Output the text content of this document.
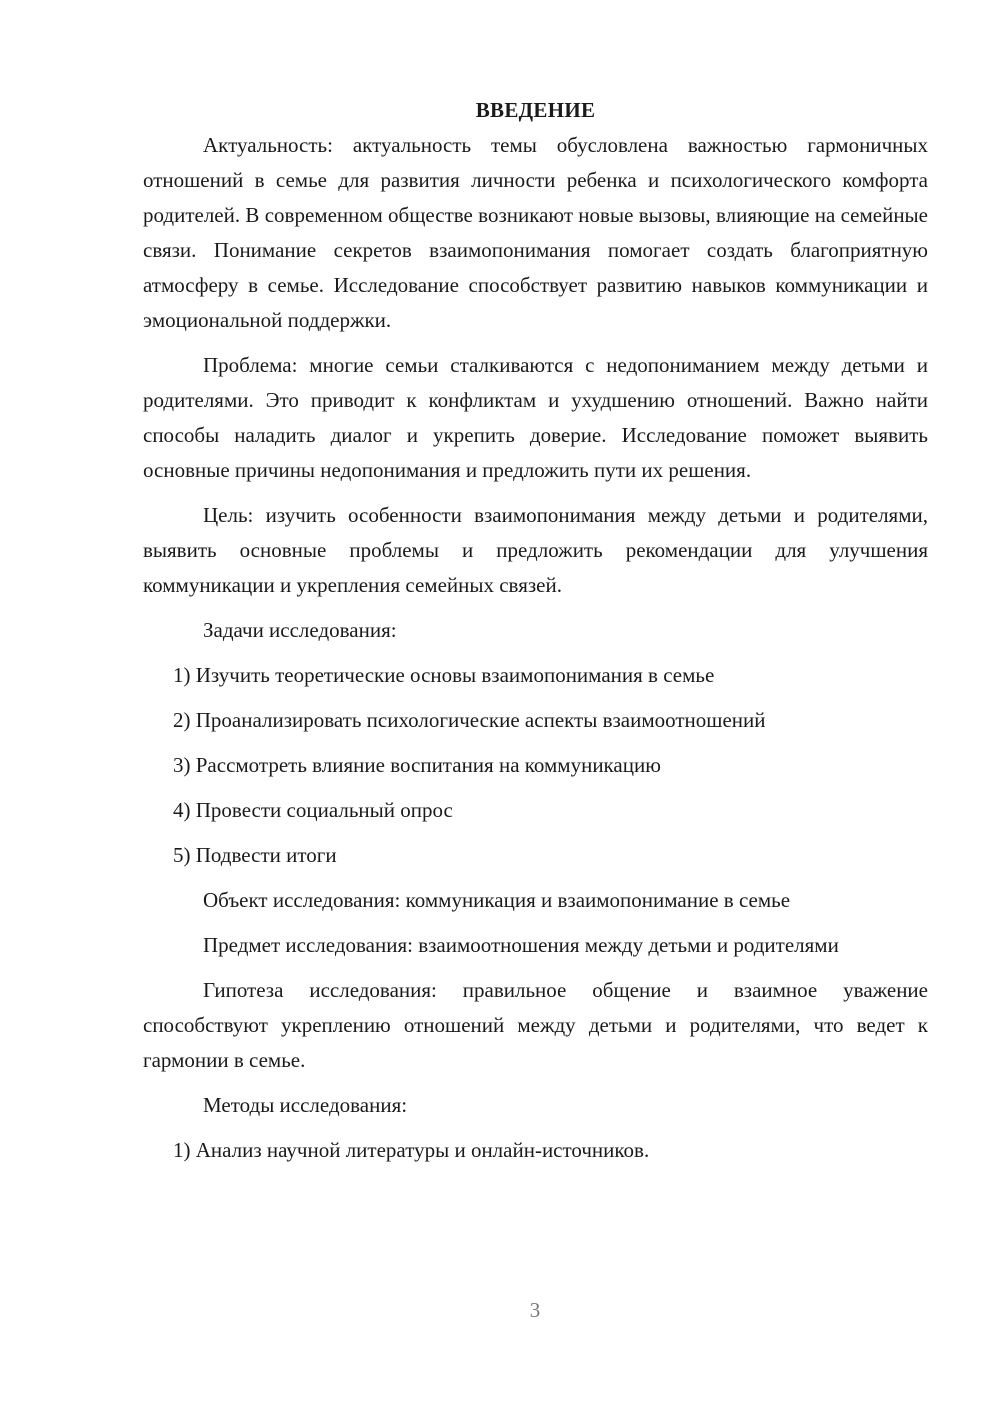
ВВЕДЕНИЕ

Актуальность: актуальность темы обусловлена важностью гармоничных отношений в семье для развития личности ребенка и психологического комфорта родителей. В современном обществе возникают новые вызовы, влияющие на семейные связи. Понимание секретов взаимопонимания помогает создать благоприятную атмосферу в семье. Исследование способствует развитию навыков коммуникации и эмоциональной поддержки.

Проблема: многие семьи сталкиваются с недопониманием между детьми и родителями. Это приводит к конфликтам и ухудшению отношений. Важно найти способы наладить диалог и укрепить доверие. Исследование поможет выявить основные причины недопонимания и предложить пути их решения.

Цель: изучить особенности взаимопонимания между детьми и родителями, выявить основные проблемы и предложить рекомендации для улучшения коммуникации и укрепления семейных связей.

Задачи исследования:
1) Изучить теоретические основы взаимопонимания в семье
2) Проанализировать психологические аспекты взаимоотношений
3) Рассмотреть влияние воспитания на коммуникацию
4) Провести социальный опрос
5) Подвести итоги
Объект исследования: коммуникация и взаимопонимание в семье

Предмет исследования: взаимоотношения между детьми и родителями

Гипотеза исследования: правильное общение и взаимное уважение способствуют укреплению отношений между детьми и родителями, что ведет к гармонии в семье.

Методы исследования:
1) Анализ научной литературы и онлайн-источников.
3
